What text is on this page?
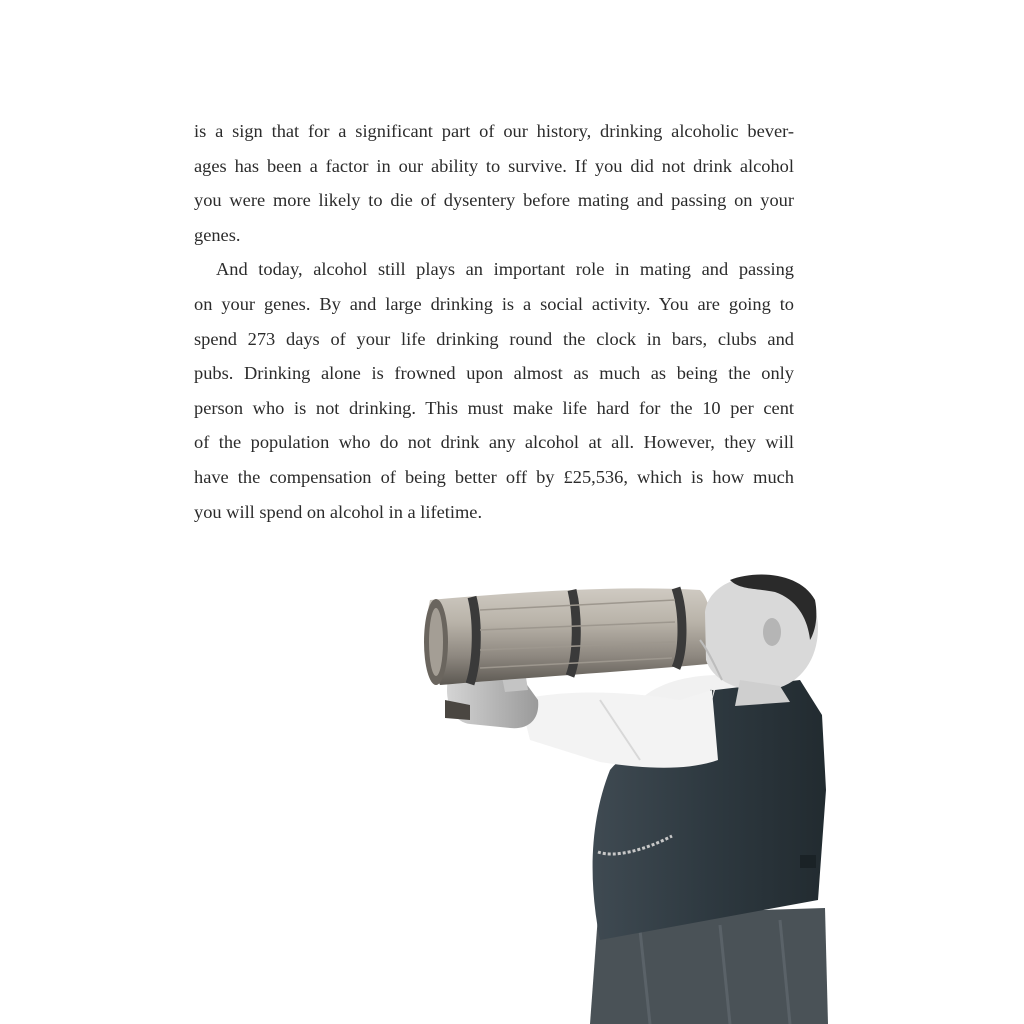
is a sign that for a significant part of our history, drinking alcoholic bever-
ages has been a factor in our ability to survive. If you did not drink alcohol
you were more likely to die of dysentery before mating and passing on your
genes.
And today, alcohol still plays an important role in mating and passing
on your genes. By and large drinking is a social activity. You are going to
spend 273 days of your life drinking round the clock in bars, clubs and
pubs. Drinking alone is frowned upon almost as much as being the only
person who is not drinking. This must make life hard for the 10 per cent
of the population who do not drink any alcohol at all. However, they will
have the compensation of being better off by £25,536, which is how much
you will spend on alcohol in a lifetime.
